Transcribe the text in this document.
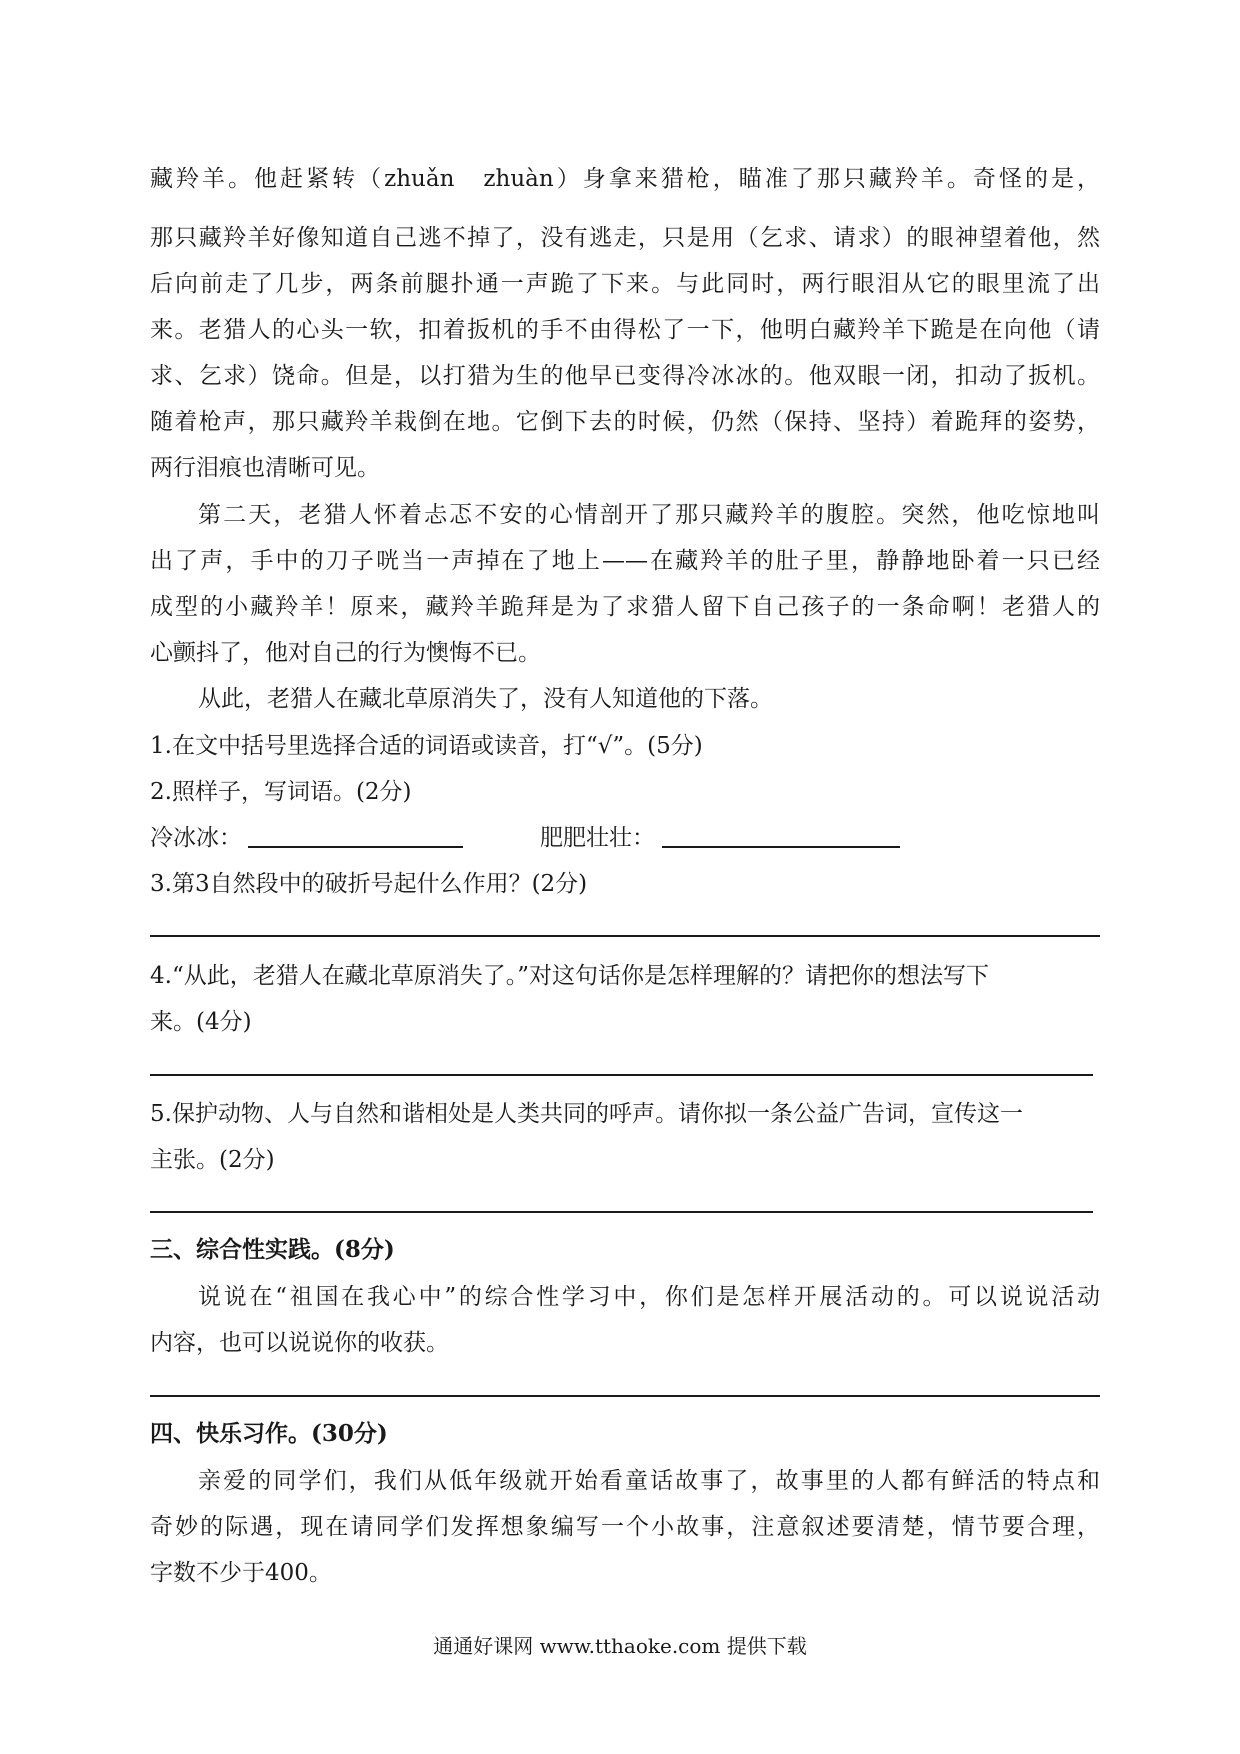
藏羚羊。他赶紧转（zhuǎn　zhuàn）身拿来猎枪，瞄准了那只藏羚羊。奇怪的是，
那只藏羚羊好像知道自己逃不掉了，没有逃走，只是用（乞求、请求）的眼神望着他，然
后向前走了几步，两条前腿扑通一声跪了下来。与此同时，两行眼泪从它的眼里流了出
来。老猎人的心头一软，扣着扳机的手不由得松了一下，他明白藏羚羊下跪是在向他（请
求、乞求）饶命。但是，以打猎为生的他早已变得冷冰冰的。他双眼一闭，扣动了扳机。
随着枪声，那只藏羚羊栽倒在地。它倒下去的时候，仍然（保持、坚持）着跪拜的姿势，
两行泪痕也清晰可见。
第二天，老猎人怀着忐忑不安的心情剖开了那只藏羚羊的腹腔。突然，他吃惊地叫
出了声，手中的刀子咣当一声掉在了地上——在藏羚羊的肚子里，静静地卧着一只已经
成型的小藏羚羊！原来，藏羚羊跪拜是为了求猎人留下自己孩子的一条命啊！老猎人的
心颤抖了，他对自己的行为懊悔不已。
从此，老猎人在藏北草原消失了，没有人知道他的下落。
1.在文中括号里选择合适的词语或读音，打“√”。(5分)
2.照样子，写词语。(2分)
冷冰冰：	肥肥壮壮：
3.第3自然段中的破折号起什么作用？(2分)
4.“从此，老猎人在藏北草原消失了。”对这句话你是怎样理解的？请把你的想法写下
来。(4分)
5.保护动物、人与自然和谐相处是人类共同的呼声。请你拟一条公益广告词，宣传这一
主张。(2分)
三、综合性实践。(8分)
说说在“祖国在我心中”的综合性学习中，你们是怎样开展活动的。可以说说活动
内容，也可以说说你的收获。
四、快乐习作。(30分)
亲爱的同学们，我们从低年级就开始看童话故事了，故事里的人都有鲜活的特点和
奇妙的际遇，现在请同学们发挥想象编写一个小故事，注意叙述要清楚，情节要合理，
字数不少于400。
通通好课网 www.tthaoke.com 提供下载
